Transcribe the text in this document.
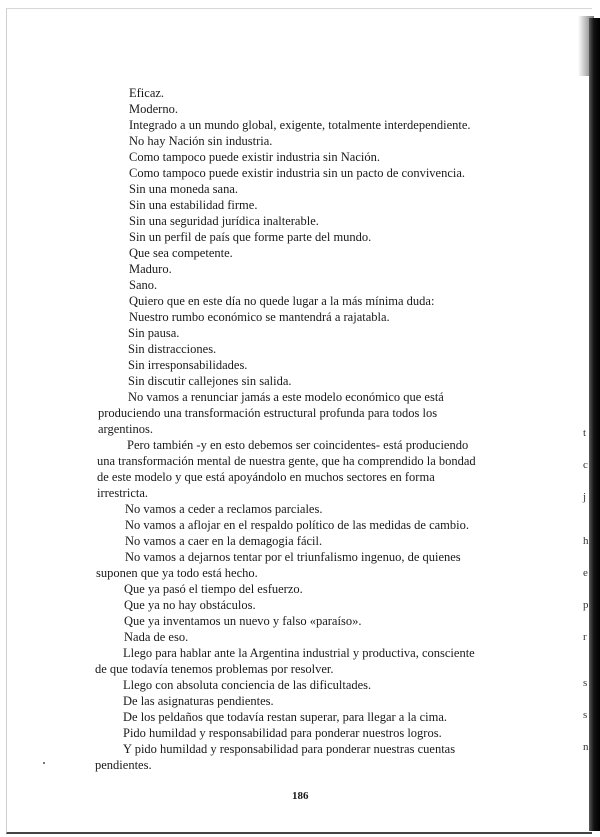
Eficaz.
Moderno.
Integrado a un mundo global, exigente, totalmente interdependiente.
No hay Nación sin industria.
Como tampoco puede existir industria sin Nación.
Como tampoco puede existir industria sin un pacto de convivencia.
Sin una moneda sana.
Sin una estabilidad firme.
Sin una seguridad jurídica inalterable.
Sin un perfil de país que forme parte del mundo.
Que sea competente.
Maduro.
Sano.
Quiero que en este día no quede lugar a la más mínima duda:
Nuestro rumbo económico se mantendrá a rajatabla.
Sin pausa.
Sin distracciones.
Sin irresponsabilidades.
Sin discutir callejones sin salida.
No vamos a renunciar jamás a este modelo económico que está
produciendo una transformación estructural profunda para todos los
argentinos.
Pero también -y en esto debemos ser coincidentes- está produciendo
una transformación mental de nuestra gente, que ha comprendido la bondad
de este modelo y que está apoyándolo en muchos sectores en forma
irrestricta.
No vamos a ceder a reclamos parciales.
No vamos a aflojar en el respaldo político de las medidas de cambio.
No vamos a caer en la demagogia fácil.
No vamos a dejarnos tentar por el triunfalismo ingenuo, de quienes
suponen que ya todo está hecho.
Que ya pasó el tiempo del esfuerzo.
Que ya no hay obstáculos.
Que ya inventamos un nuevo y falso «paraíso».
Nada de eso.
Llego para hablar ante la Argentina industrial y productiva, consciente
de que todavía tenemos problemas por resolver.
Llego con absoluta conciencia de las dificultades.
De las asignaturas pendientes.
De los peldaños que todavía restan superar, para llegar a la cima.
Pido humildad y responsabilidad para ponderar nuestros logros.
Y pido humildad y responsabilidad para ponderar nuestras cuentas
pendientes.
186
t
c
j
h
e
p
r
s
s
n
